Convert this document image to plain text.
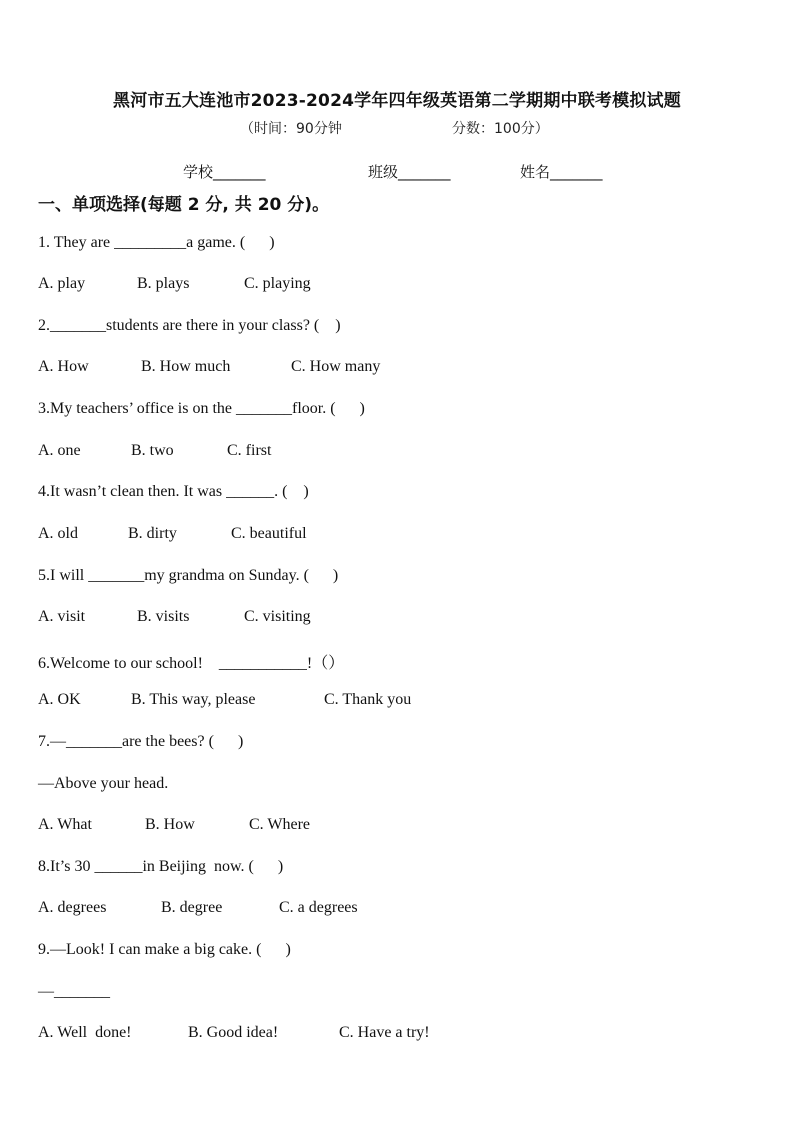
黑河市五大连池市2023-2024学年四年级英语第二学期期中联考模拟试题
（时间：90分钟	分数：100分）
学校_______	班级_______	姓名_______
一、单项选择(每题 2 分, 共 20 分)。
1. They are _________a game. (      )
A. play	B. plays	C. playing
2._______students are there in your class? (    )
A. How	B. How much	C. How many
3.My teachers’ office is on the _______floor. (      )
A. one	B. two	C. first
4.It wasn’t clean then. It was ______. (    )
A. old	B. dirty	C. beautiful
5.I will _______my grandma on Sunday. (      )
A. visit	B. visits	C. visiting
6.Welcome to our school!    ___________!（）
A. OK	B. This way, please	C. Thank you
7.—_______are the bees? (      )
—Above your head.
A. What	B. How	C. Where
8.It’s 30 ______in Beijing  now. (      )
A. degrees	B. degree	C. a degrees
9.—Look! I can make a big cake. (      )
—_______
A. Well  done!	B. Good idea!	C. Have a try!
